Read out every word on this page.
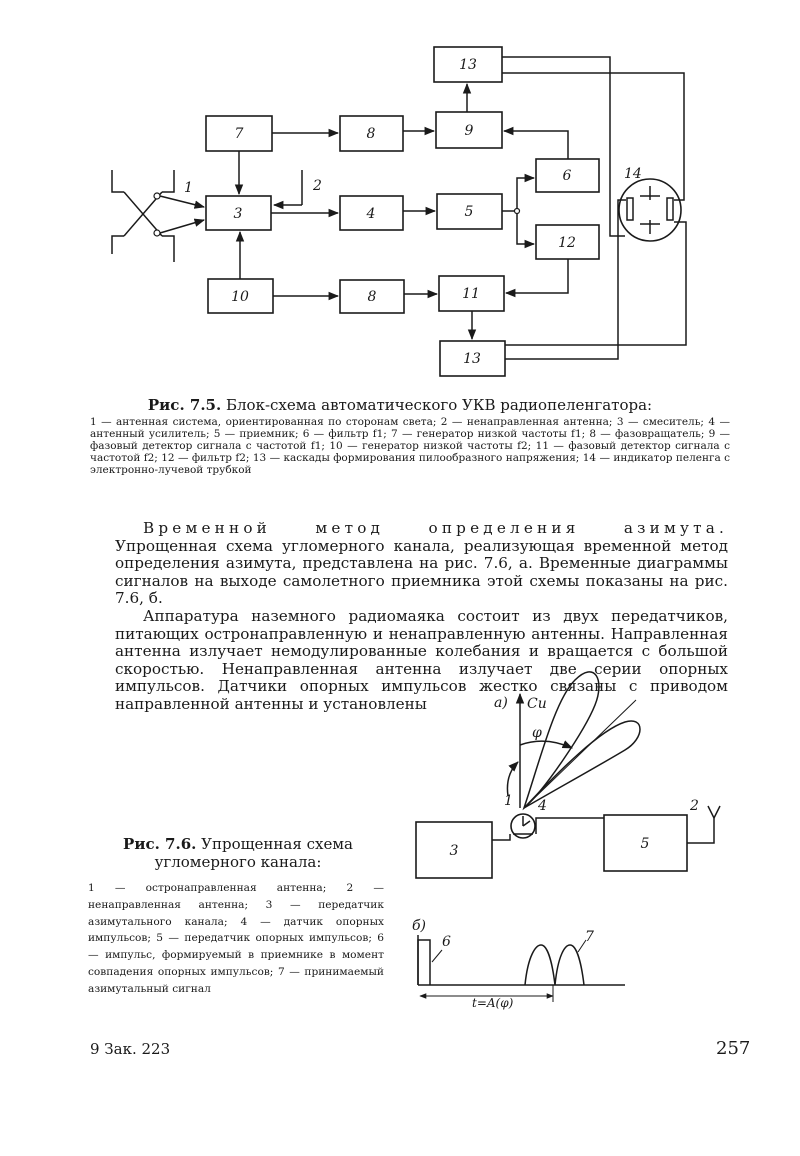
13
7	8	9
6
3	4	5
12
10	8	11
13
14
1	2
Рис. 7.5. Блок-схема автоматического УКВ радиопеленгатора:
1 — антенная система, ориентированная по сторонам света; 2 — ненаправленная антенна; 3 — смеситель; 4 — антенный усилитель; 5 — приемник; 6 — фильтр f1; 7 — генератор низкой частоты f1; 8 — фазовращатель; 9 — фазовый детектор сигнала с частотой f1; 10 — генератор низкой частоты f2; 11 — фазовый детектор сигнала с частотой f2; 12 — фильтр f2; 13 — каскады формирования пилообразного напряжения; 14 — индикатор пеленга с электронно-лучевой трубкой

Временной метод определения азимута. Упрощенная схема угломерного канала, реализующая временной метод определения азимута, представлена на рис. 7.6, а. Временные диаграммы сигналов на выходе самолетного приемника этой схемы показаны на рис. 7.6, б.

Аппаратура наземного радиомаяка состоит из двух передатчиков, питающих остронаправленную и ненаправленную антенны. Направленная антенна излучает немодулированные колебания и вращается с большой скоростью. Ненаправленная антенна излучает две серии опорных импульсов. Датчики опорных импульсов жестко связаны с приводом направленной антенны и установлены	а) Си
φ
1 4
3	5
2
б)
6	7
t=A(φ)
Рис. 7.6. Упрощенная схема угломерного канала:
1 — остронаправленная антенна; 2 — ненаправленная антенна; 3 — передатчик азимутального канала; 4 — датчик опорных импульсов; 5 — передатчик опорных импульсов; 6 — импульс, формируемый в приемнике в момент совпадения опорных импульсов; 7 — принимаемый азимутальный сигнал
9 Зак. 223	257
